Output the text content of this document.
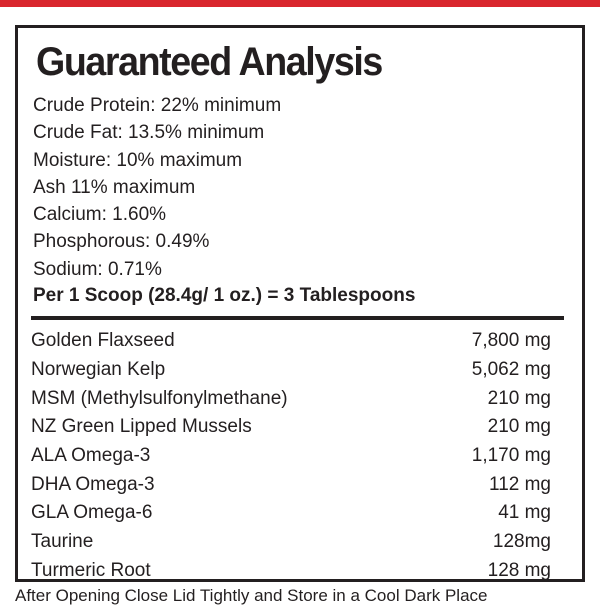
Guaranteed Analysis
Crude Protein: 22% minimum
Crude Fat: 13.5% minimum
Moisture: 10% maximum
Ash 11% maximum
Calcium: 1.60%
Phosphorous: 0.49%
Sodium: 0.71%
Per 1 Scoop (28.4g/ 1 oz.) = 3 Tablespoons
Golden Flaxseed	7,800 mg
Norwegian Kelp	5,062 mg
MSM (Methylsulfonylmethane)	210 mg
NZ Green Lipped Mussels	210 mg
ALA Omega-3	1,170 mg
DHA Omega-3	112 mg
GLA Omega-6	41 mg
Taurine	128mg
Turmeric Root	128 mg
After Opening Close Lid Tightly and Store in a Cool Dark Place
